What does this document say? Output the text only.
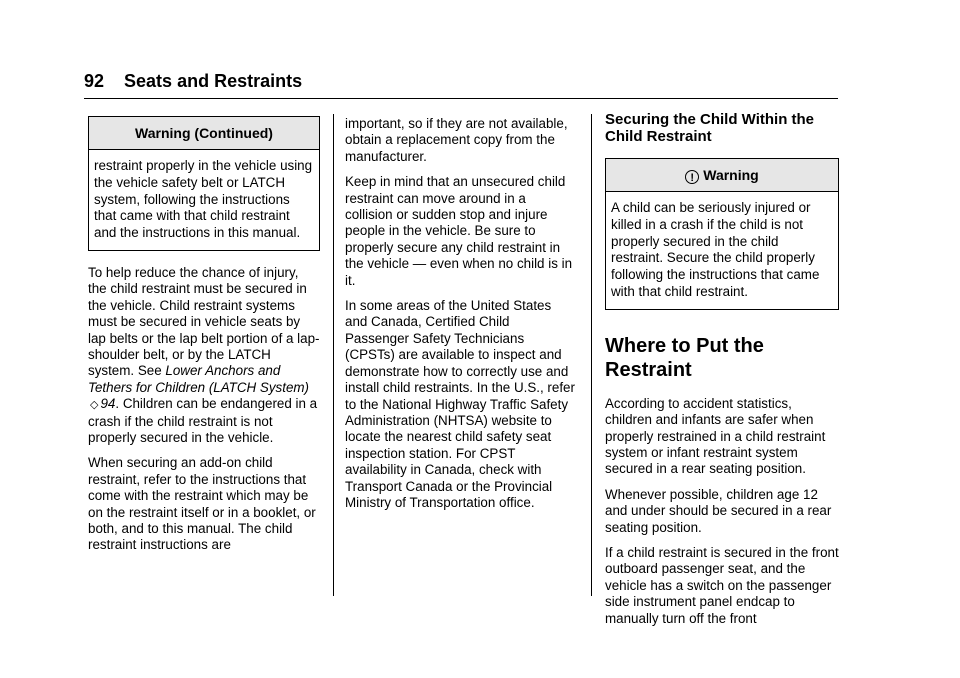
92 Seats and Restraints
Warning (Continued)
restraint properly in the vehicle using the vehicle safety belt or LATCH system, following the instructions that came with that child restraint and the instructions in this manual.

To help reduce the chance of injury, the child restraint must be secured in the vehicle. Child restraint systems must be secured in vehicle seats by lap belts or the lap belt portion of a lap-shoulder belt, or by the LATCH system. See Lower Anchors and Tethers for Children (LATCH System) ◇ 94. Children can be endangered in a crash if the child restraint is not properly secured in the vehicle.

When securing an add-on child restraint, refer to the instructions that come with the restraint which may be on the restraint itself or in a booklet, or both, and to this manual. The child restraint instructions are

important, so if they are not available, obtain a replacement copy from the manufacturer.

Keep in mind that an unsecured child restraint can move around in a collision or sudden stop and injure people in the vehicle. Be sure to properly secure any child restraint in the vehicle — even when no child is in it.

In some areas of the United States and Canada, Certified Child Passenger Safety Technicians (CPSTs) are available to inspect and demonstrate how to correctly use and install child restraints. In the U.S., refer to the National Highway Traffic Safety Administration (NHTSA) website to locate the nearest child safety seat inspection station. For CPST availability in Canada, check with Transport Canada or the Provincial Ministry of Transportation office.

Securing the Child Within the Child Restraint
! Warning
A child can be seriously injured or killed in a crash if the child is not properly secured in the child restraint. Secure the child properly following the instructions that came with that child restraint.
Where to Put the Restraint

According to accident statistics, children and infants are safer when properly restrained in a child restraint system or infant restraint system secured in a rear seating position.

Whenever possible, children age 12 and under should be secured in a rear seating position.

If a child restraint is secured in the front outboard passenger seat, and the vehicle has a switch on the passenger side instrument panel endcap to manually turn off the front
